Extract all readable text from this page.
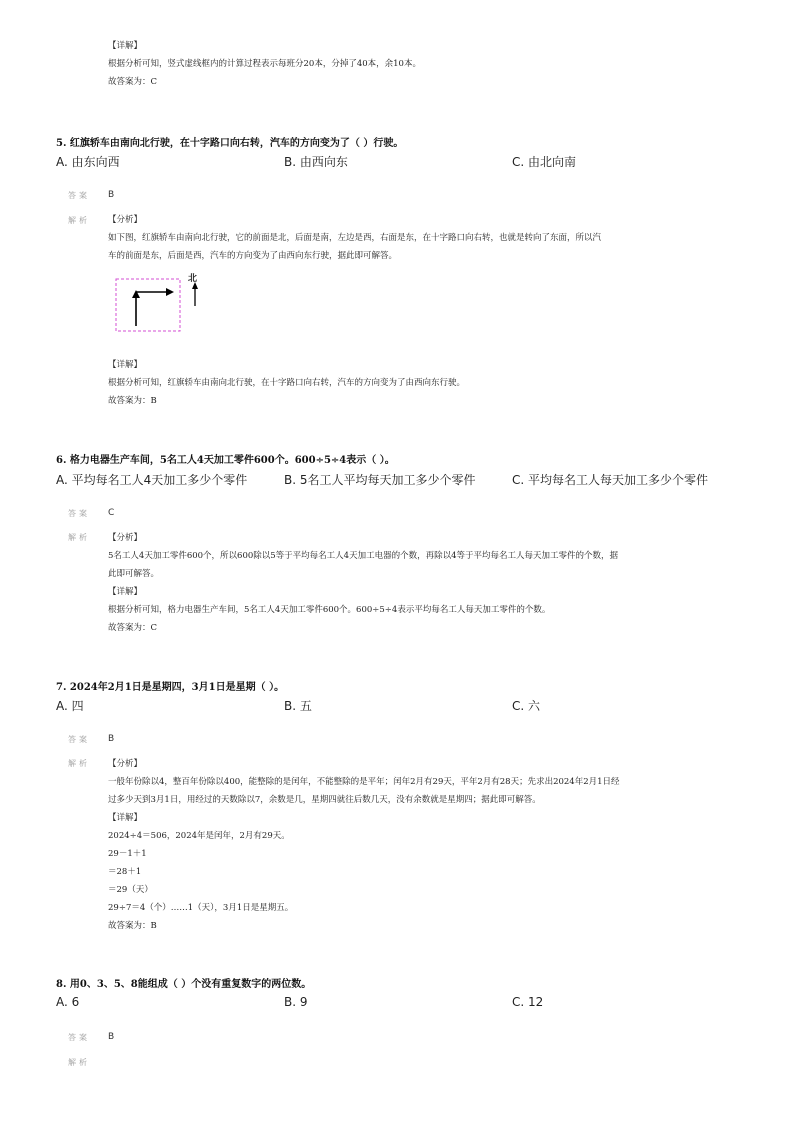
【详解】
根据分析可知，竖式虚线框内的计算过程表示每班分20本，分掉了40本，余10本。
故答案为：C
5. 红旗轿车由南向北行驶，在十字路口向右转，汽车的方向变为了（ ）行驶。
A. 由东向西	B. 由西向东	C. 由北向南
答案 B
解析 【分析】
如下图，红旗轿车由南向北行驶，它的前面是北，后面是南，左边是西，右面是东，在十字路口向右转，也就是转向了东面，所以汽
车的前面是东，后面是西，汽车的方向变为了由西向东行驶，据此即可解答。
北
【详解】
根据分析可知，红旗轿车由南向北行驶，在十字路口向右转，汽车的方向变为了由西向东行驶。
故答案为：B
6. 格力电器生产车间，5名工人4天加工零件600个。600÷5÷4表示（ ）。
A. 平均每名工人4天加工多少个零件	B. 5名工人平均每天加工多少个零件	C. 平均每名工人每天加工多少个零件
答案 C
解析 【分析】
5名工人4天加工零件600个，所以600除以5等于平均每名工人4天加工电器的个数，再除以4等于平均每名工人每天加工零件的个数，据
此即可解答。
【详解】
根据分析可知，格力电器生产车间，5名工人4天加工零件600个。600÷5÷4表示平均每名工人每天加工零件的个数。
故答案为：C
7. 2024年2月1日是星期四，3月1日是星期（ ）。
A. 四	B. 五	C. 六
答案 B
解析 【分析】
一般年份除以4，整百年份除以400，能整除的是闰年，不能整除的是平年；闰年2月有29天，平年2月有28天；先求出2024年2月1日经
过多少天到3月1日，用经过的天数除以7，余数是几，星期四就往后数几天，没有余数就是星期四；据此即可解答。
【详解】
2024÷4＝506，2024年是闰年，2月有29天。
29－1＋1
＝28＋1
＝29（天）
29÷7＝4（个）……1（天），3月1日是星期五。
故答案为：B
8. 用0、3、5、8能组成（ ）个没有重复数字的两位数。
A. 6	B. 9	C. 12
答案 B
解析
